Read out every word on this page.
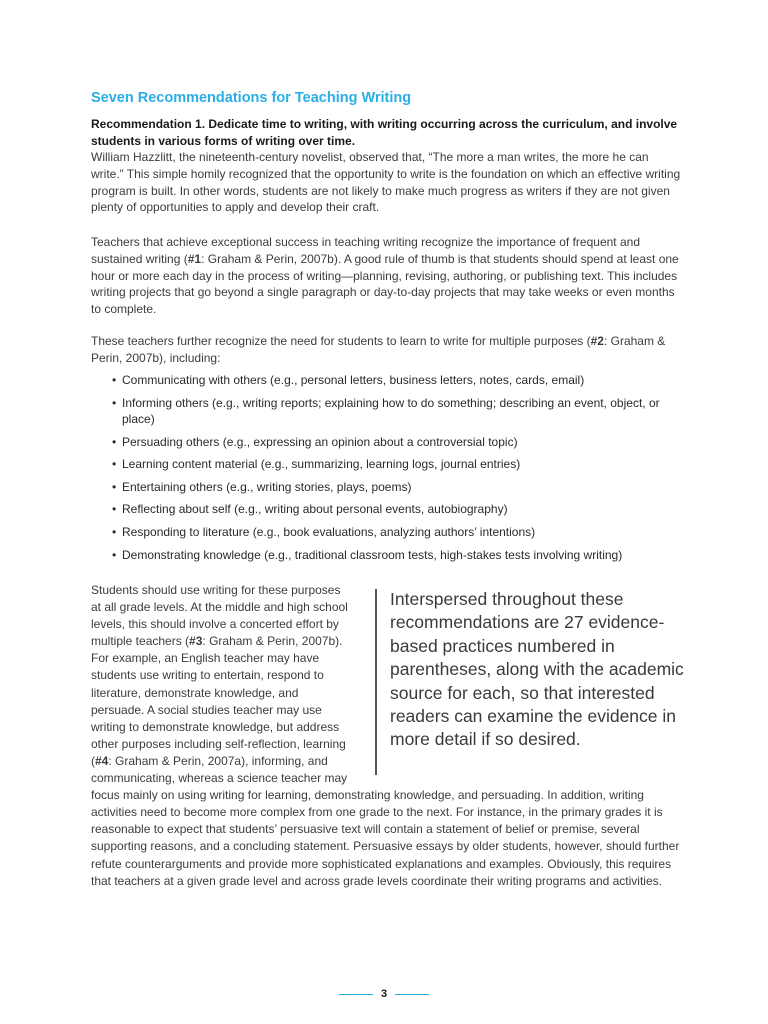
Seven Recommendations for Teaching Writing

Recommendation 1. Dedicate time to writing, with writing occurring across the curriculum, and involve students in various forms of writing over time.

William Hazzlitt, the nineteenth-century novelist, observed that, “The more a man writes, the more he can write.” This simple homily recognized that the opportunity to write is the foundation on which an effective writing program is built. In other words, students are not likely to make much progress as writers if they are not given plenty of opportunities to apply and develop their craft.

Teachers that achieve exceptional success in teaching writing recognize the importance of frequent and sustained writing (#1: Graham & Perin, 2007b). A good rule of thumb is that students should spend at least one hour or more each day in the process of writing—planning, revising, authoring, or publishing text. This includes writing projects that go beyond a single paragraph or day-to-day projects that may take weeks or even months to complete.

These teachers further recognize the need for students to learn to write for multiple purposes (#2: Graham & Perin, 2007b), including:

• Communicating with others (e.g., personal letters, business letters, notes, cards, email)
• Informing others (e.g., writing reports; explaining how to do something; describing an event, object, or place)
• Persuading others (e.g., expressing an opinion about a controversial topic)
• Learning content material (e.g., summarizing, learning logs, journal entries)
• Entertaining others (e.g., writing stories, plays, poems)
• Reflecting about self (e.g., writing about personal events, autobiography)
• Responding to literature (e.g., book evaluations, analyzing authors’ intentions)
• Demonstrating knowledge (e.g., traditional classroom tests, high-stakes tests involving writing)

Students should use writing for these purposes at all grade levels. At the middle and high school levels, this should involve a concerted effort by multiple teachers (#3: Graham & Perin, 2007b). For example, an English teacher may have students use writing to entertain, respond to literature, demonstrate knowledge, and persuade. A social studies teacher may use writing to demonstrate knowledge, but address other purposes including self-reflection, learning (#4: Graham & Perin, 2007a), informing, and communicating, whereas a science teacher may focus mainly on using writing for learning, demonstrating knowledge, and persuading. In addition, writing activities need to become more complex from one grade to the next. For instance, in the primary grades it is reasonable to expect that students’ persuasive text will contain a statement of belief or premise, several supporting reasons, and a concluding statement. Persuasive essays by older students, however, should further refute counterarguments and provide more sophisticated explanations and examples. Obviously, this requires that teachers at a given grade level and across grade levels coordinate their writing programs and activities.

Interspersed throughout these recommendations are 27 evidence-based practices numbered in parentheses, along with the academic source for each, so that interested readers can examine the evidence in more detail if so desired.

3
